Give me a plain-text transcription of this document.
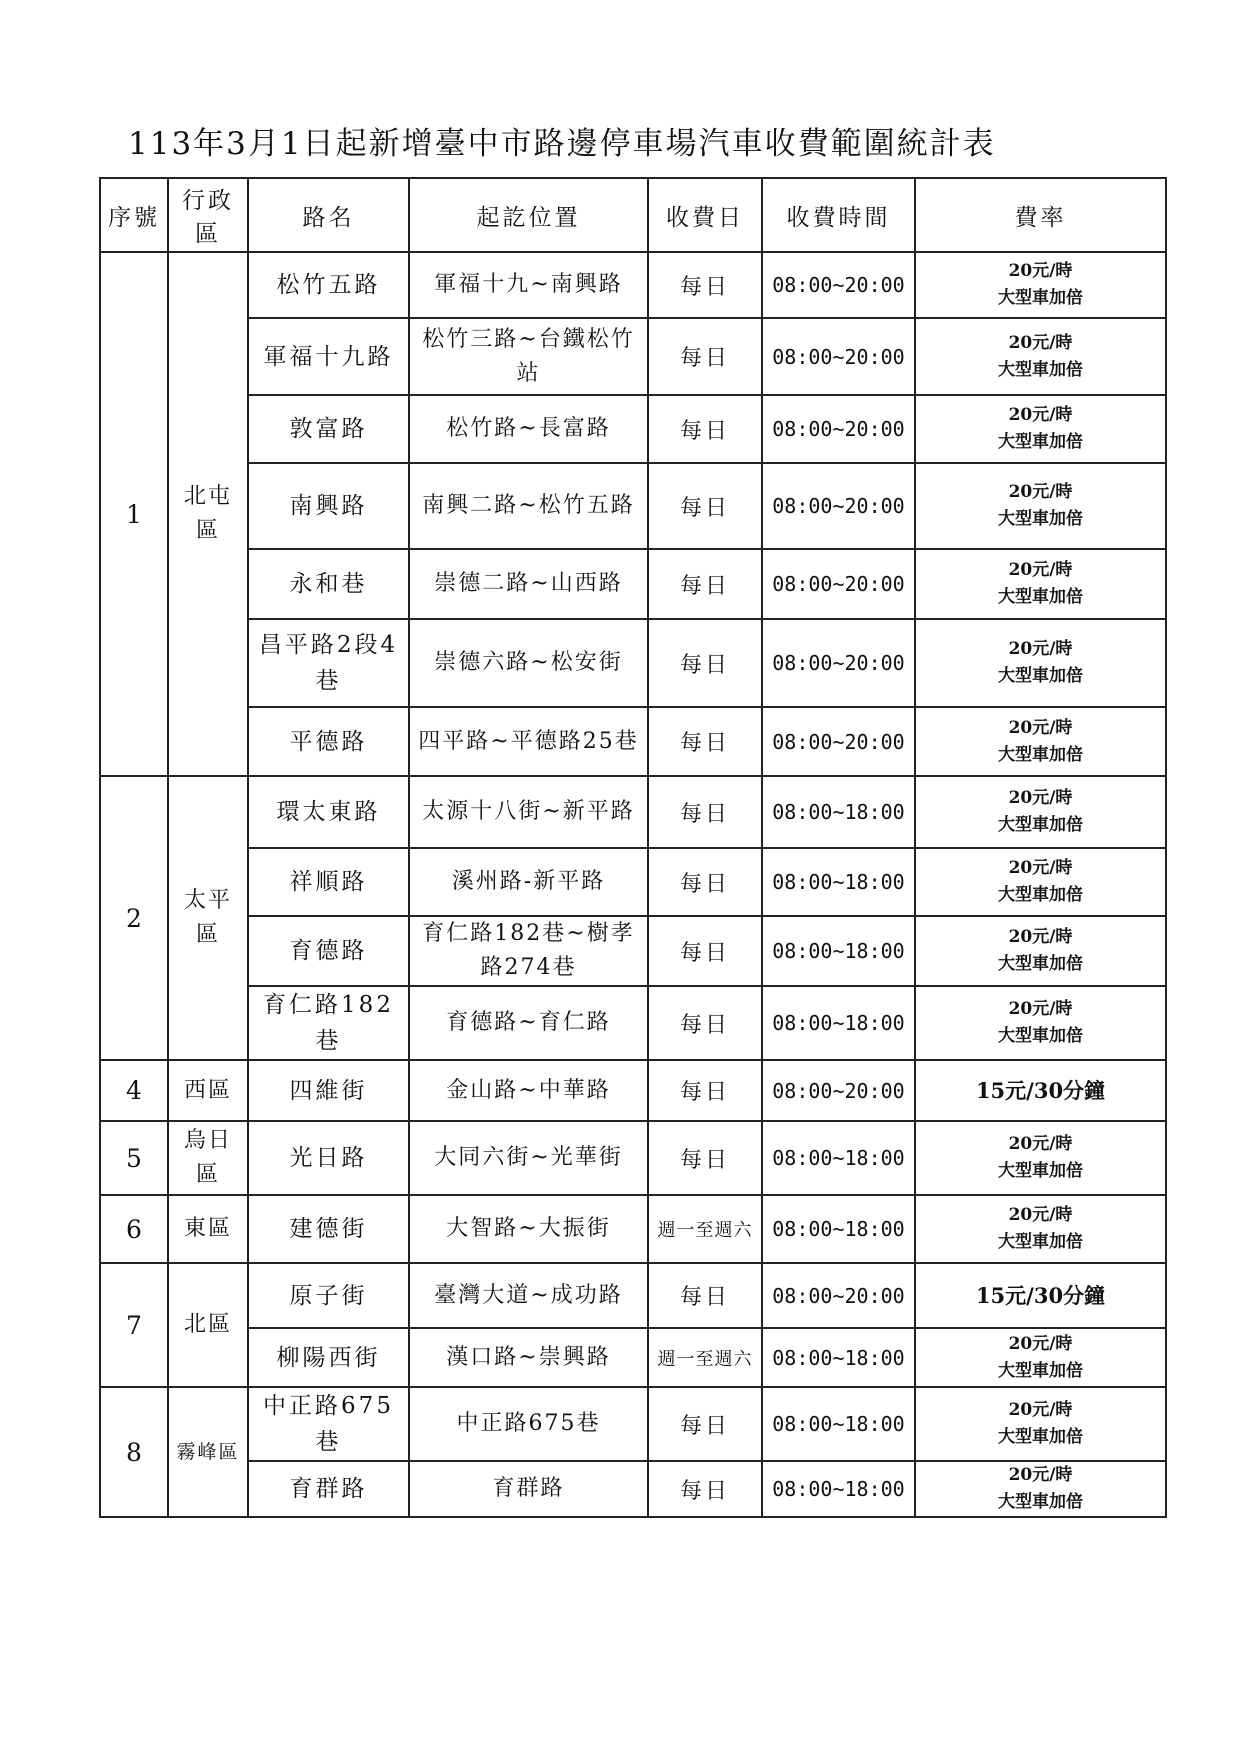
113年3月1日起新增臺中市路邊停車場汽車收費範圍統計表
序號	行政區	路名	起訖位置	收費日	收費時間	費率
1	北屯區	松竹五路	軍福十九~南興路	每日	08:00~20:00	20元/時
大型車加倍

		軍福十九路	松竹三路~台鐵松竹站	每日	08:00~20:00	20元/時
大型車加倍

		敦富路	松竹路~長富路	每日	08:00~20:00	20元/時
大型車加倍

		南興路	南興二路~松竹五路	每日	08:00~20:00	20元/時
大型車加倍

		永和巷	崇德二路~山西路	每日	08:00~20:00	20元/時
大型車加倍

		昌平路2段4巷	崇德六路~松安街	每日	08:00~20:00	20元/時
大型車加倍

		平德路	四平路~平德路25巷	每日	08:00~20:00	20元/時
大型車加倍

2	太平區	環太東路	太源十八街~新平路	每日	08:00~18:00	20元/時
大型車加倍

		祥順路	溪州路-新平路	每日	08:00~18:00	20元/時
大型車加倍

		育德路	育仁路182巷~樹孝路274巷	每日	08:00~18:00	20元/時
大型車加倍

		育仁路182巷	育德路~育仁路	每日	08:00~18:00	20元/時
大型車加倍

4	西區	四維街	金山路~中華路	每日	08:00~20:00	15元/30分鐘

5	烏日區	光日路	大同六街~光華街	每日	08:00~18:00	20元/時
大型車加倍

6	東區	建德街	大智路~大振街	週一至週六	08:00~18:00	20元/時
大型車加倍

7	北區	原子街	臺灣大道~成功路	每日	08:00~20:00	15元/30分鐘

		柳陽西街	漢口路~崇興路	週一至週六	08:00~18:00	20元/時
大型車加倍

8	霧峰區	中正路675巷	中正路675巷	每日	08:00~18:00	20元/時
大型車加倍

		育群路	育群路	每日	08:00~18:00	20元/時
大型車加倍
